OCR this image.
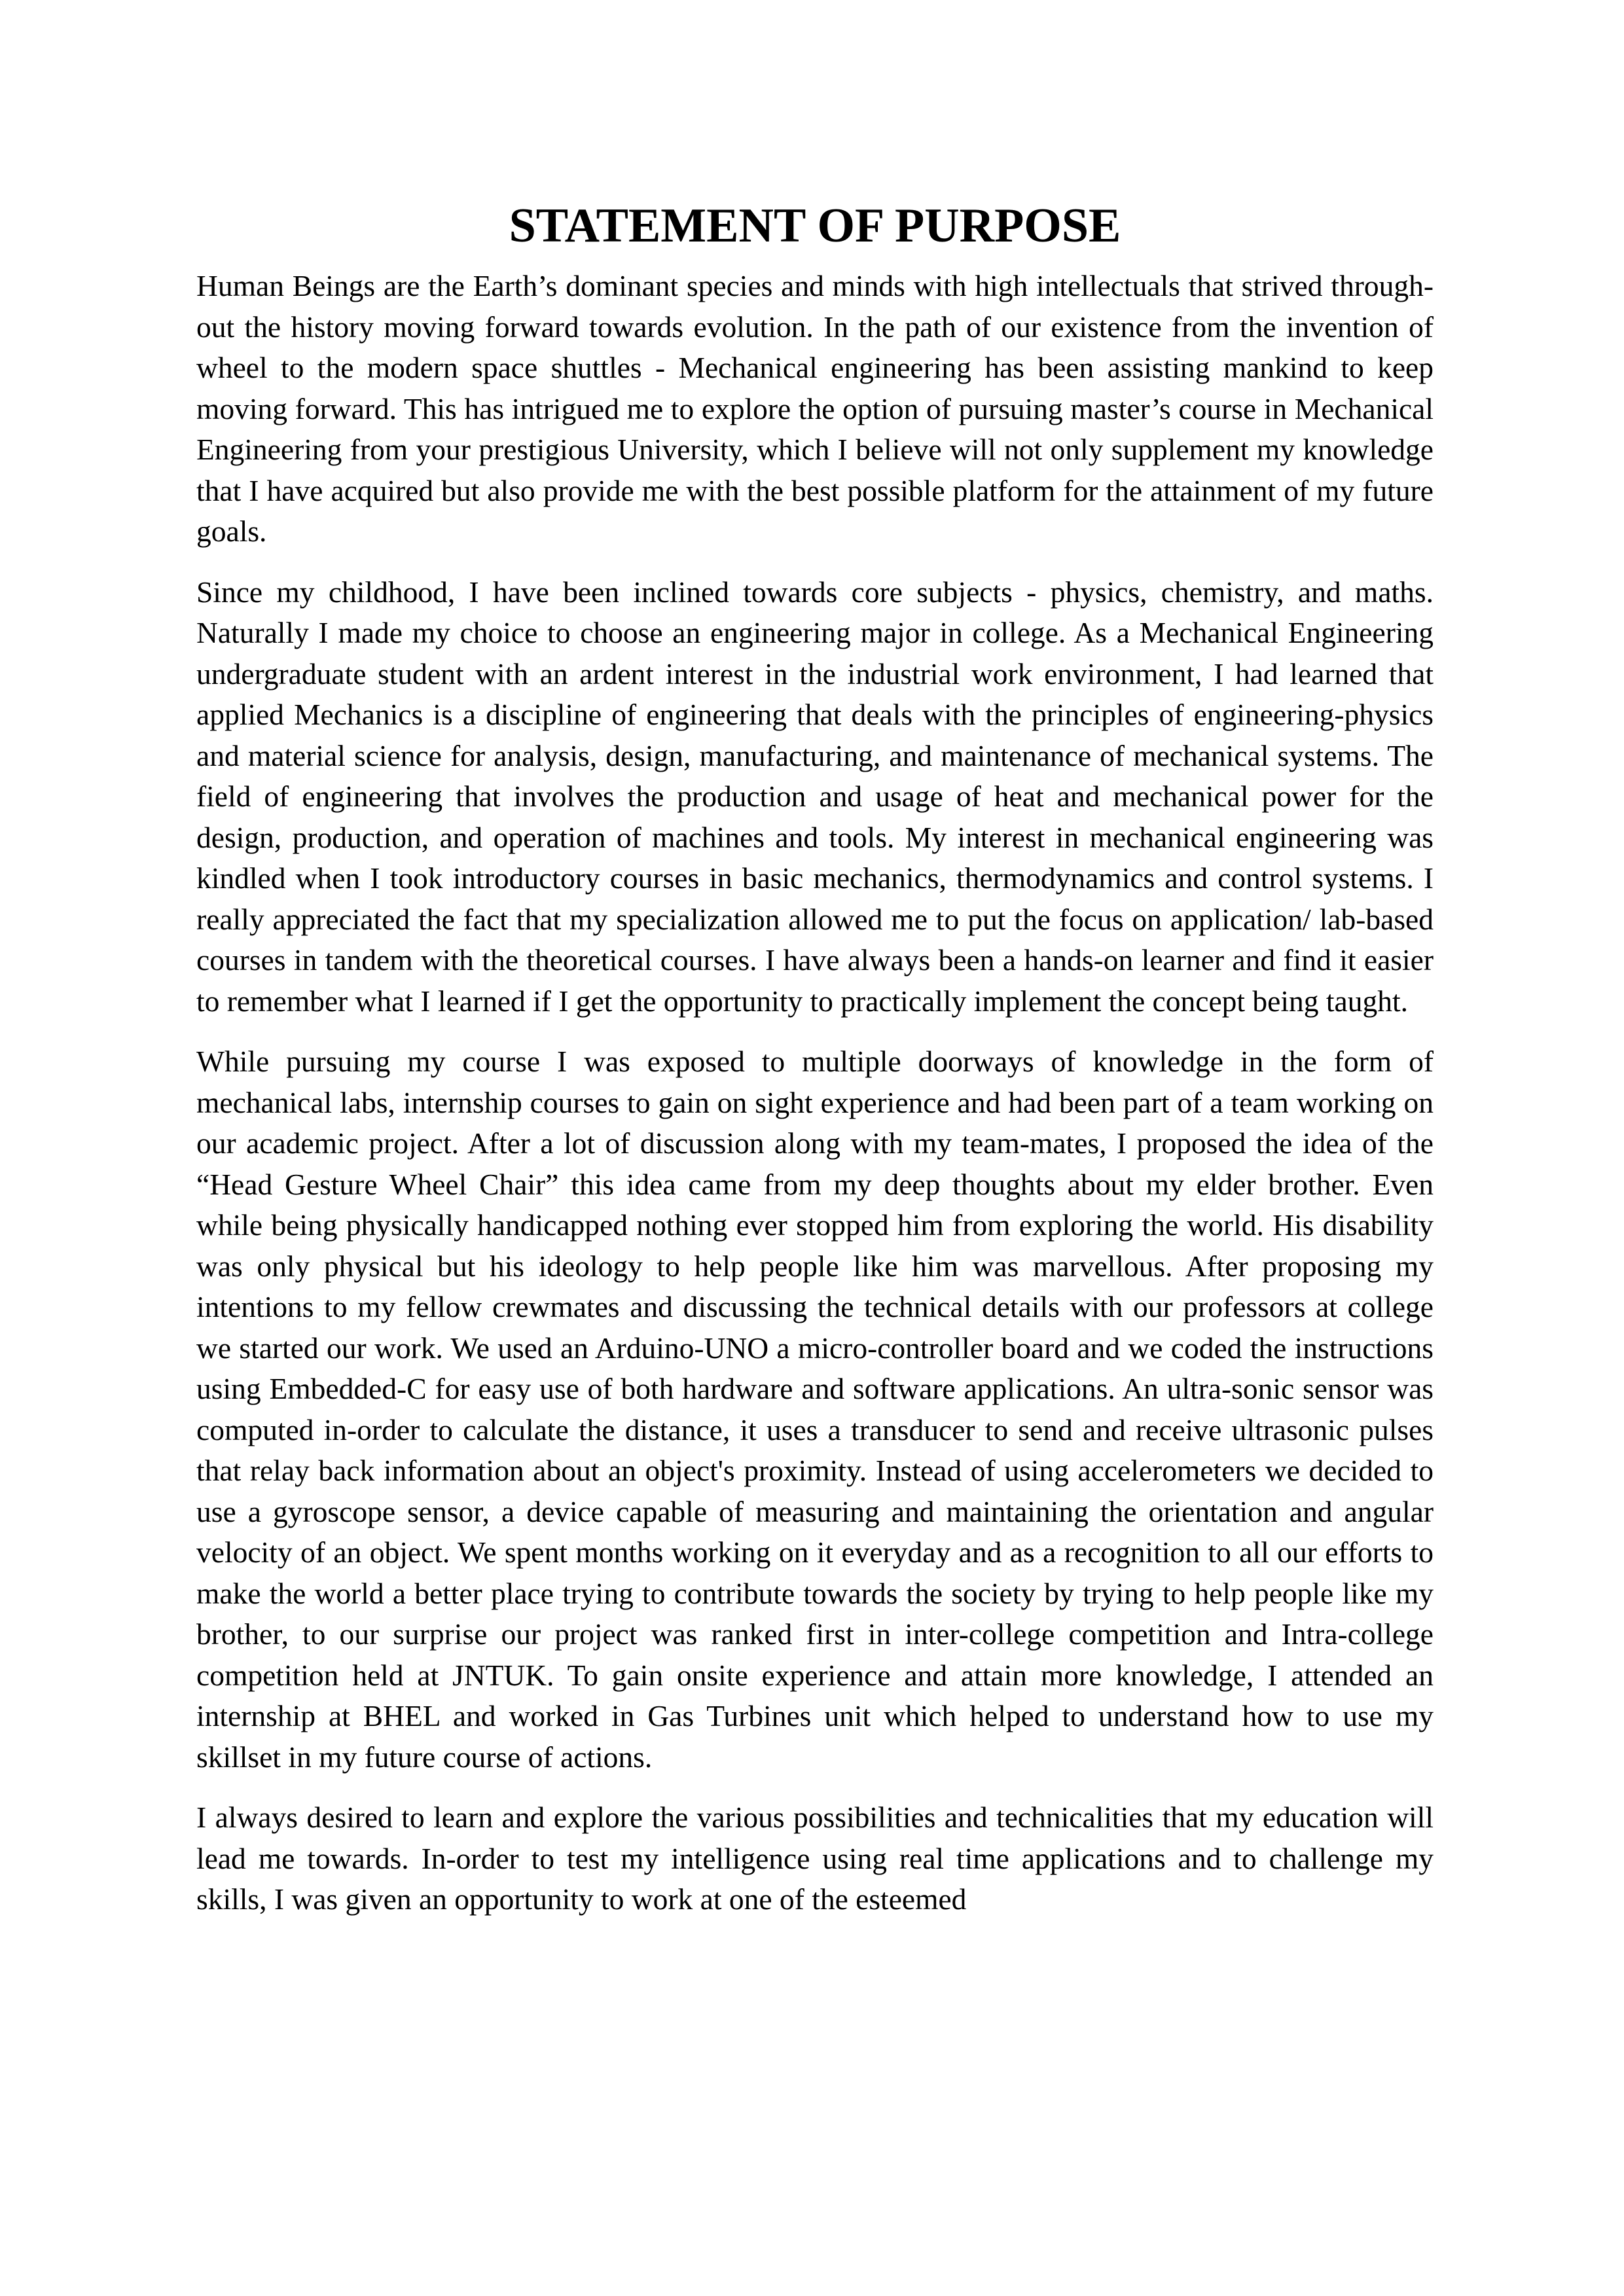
STATEMENT OF PURPOSE

Human Beings are the Earth’s dominant species and minds with high intellectuals that strived through-out the history moving forward towards evolution. In the path of our existence from the invention of wheel to the modern space shuttles - Mechanical engineering has been assisting mankind to keep moving forward. This has intrigued me to explore the option of pursuing master’s course in Mechanical Engineering from your prestigious University, which I believe will not only supplement my knowledge that I have acquired but also provide me with the best possible platform for the attainment of my future goals.

Since my childhood, I have been inclined towards core subjects - physics, chemistry, and maths. Naturally I made my choice to choose an engineering major in college. As a Mechanical Engineering undergraduate student with an ardent interest in the industrial work environment, I had learned that applied Mechanics is a discipline of engineering that deals with the principles of engineering-physics and material science for analysis, design, manufacturing, and maintenance of mechanical systems. The field of engineering that involves the production and usage of heat and mechanical power for the design, production, and operation of machines and tools. My interest in mechanical engineering was kindled when I took introductory courses in basic mechanics, thermodynamics and control systems. I really appreciated the fact that my specialization allowed me to put the focus on application/ lab-based courses in tandem with the theoretical courses. I have always been a hands-on learner and find it easier to remember what I learned if I get the opportunity to practically implement the concept being taught.

While pursuing my course I was exposed to multiple doorways of knowledge in the form of mechanical labs, internship courses to gain on sight experience and had been part of a team working on our academic project. After a lot of discussion along with my team-mates, I proposed the idea of the “Head Gesture Wheel Chair” this idea came from my deep thoughts about my elder brother. Even while being physically handicapped nothing ever stopped him from exploring the world. His disability was only physical but his ideology to help people like him was marvellous. After proposing my intentions to my fellow crewmates and discussing the technical details with our professors at college we started our work. We used an Arduino-UNO a micro-controller board and we coded the instructions using Embedded-C for easy use of both hardware and software applications. An ultra-sonic sensor was computed in-order to calculate the distance, it uses a transducer to send and receive ultrasonic pulses that relay back information about an object's proximity. Instead of using accelerometers we decided to use a gyroscope sensor, a device capable of measuring and maintaining the orientation and angular velocity of an object. We spent months working on it everyday and as a recognition to all our efforts to make the world a better place trying to contribute towards the society by trying to help people like my brother, to our surprise our project was ranked first in inter-college competition and Intra-college competition held at JNTUK. To gain onsite experience and attain more knowledge, I attended an internship at BHEL and worked in Gas Turbines unit which helped to understand how to use my skillset in my future course of actions.

I always desired to learn and explore the various possibilities and technicalities that my education will lead me towards. In-order to test my intelligence using real time applications and to challenge my skills, I was given an opportunity to work at one of the esteemed
